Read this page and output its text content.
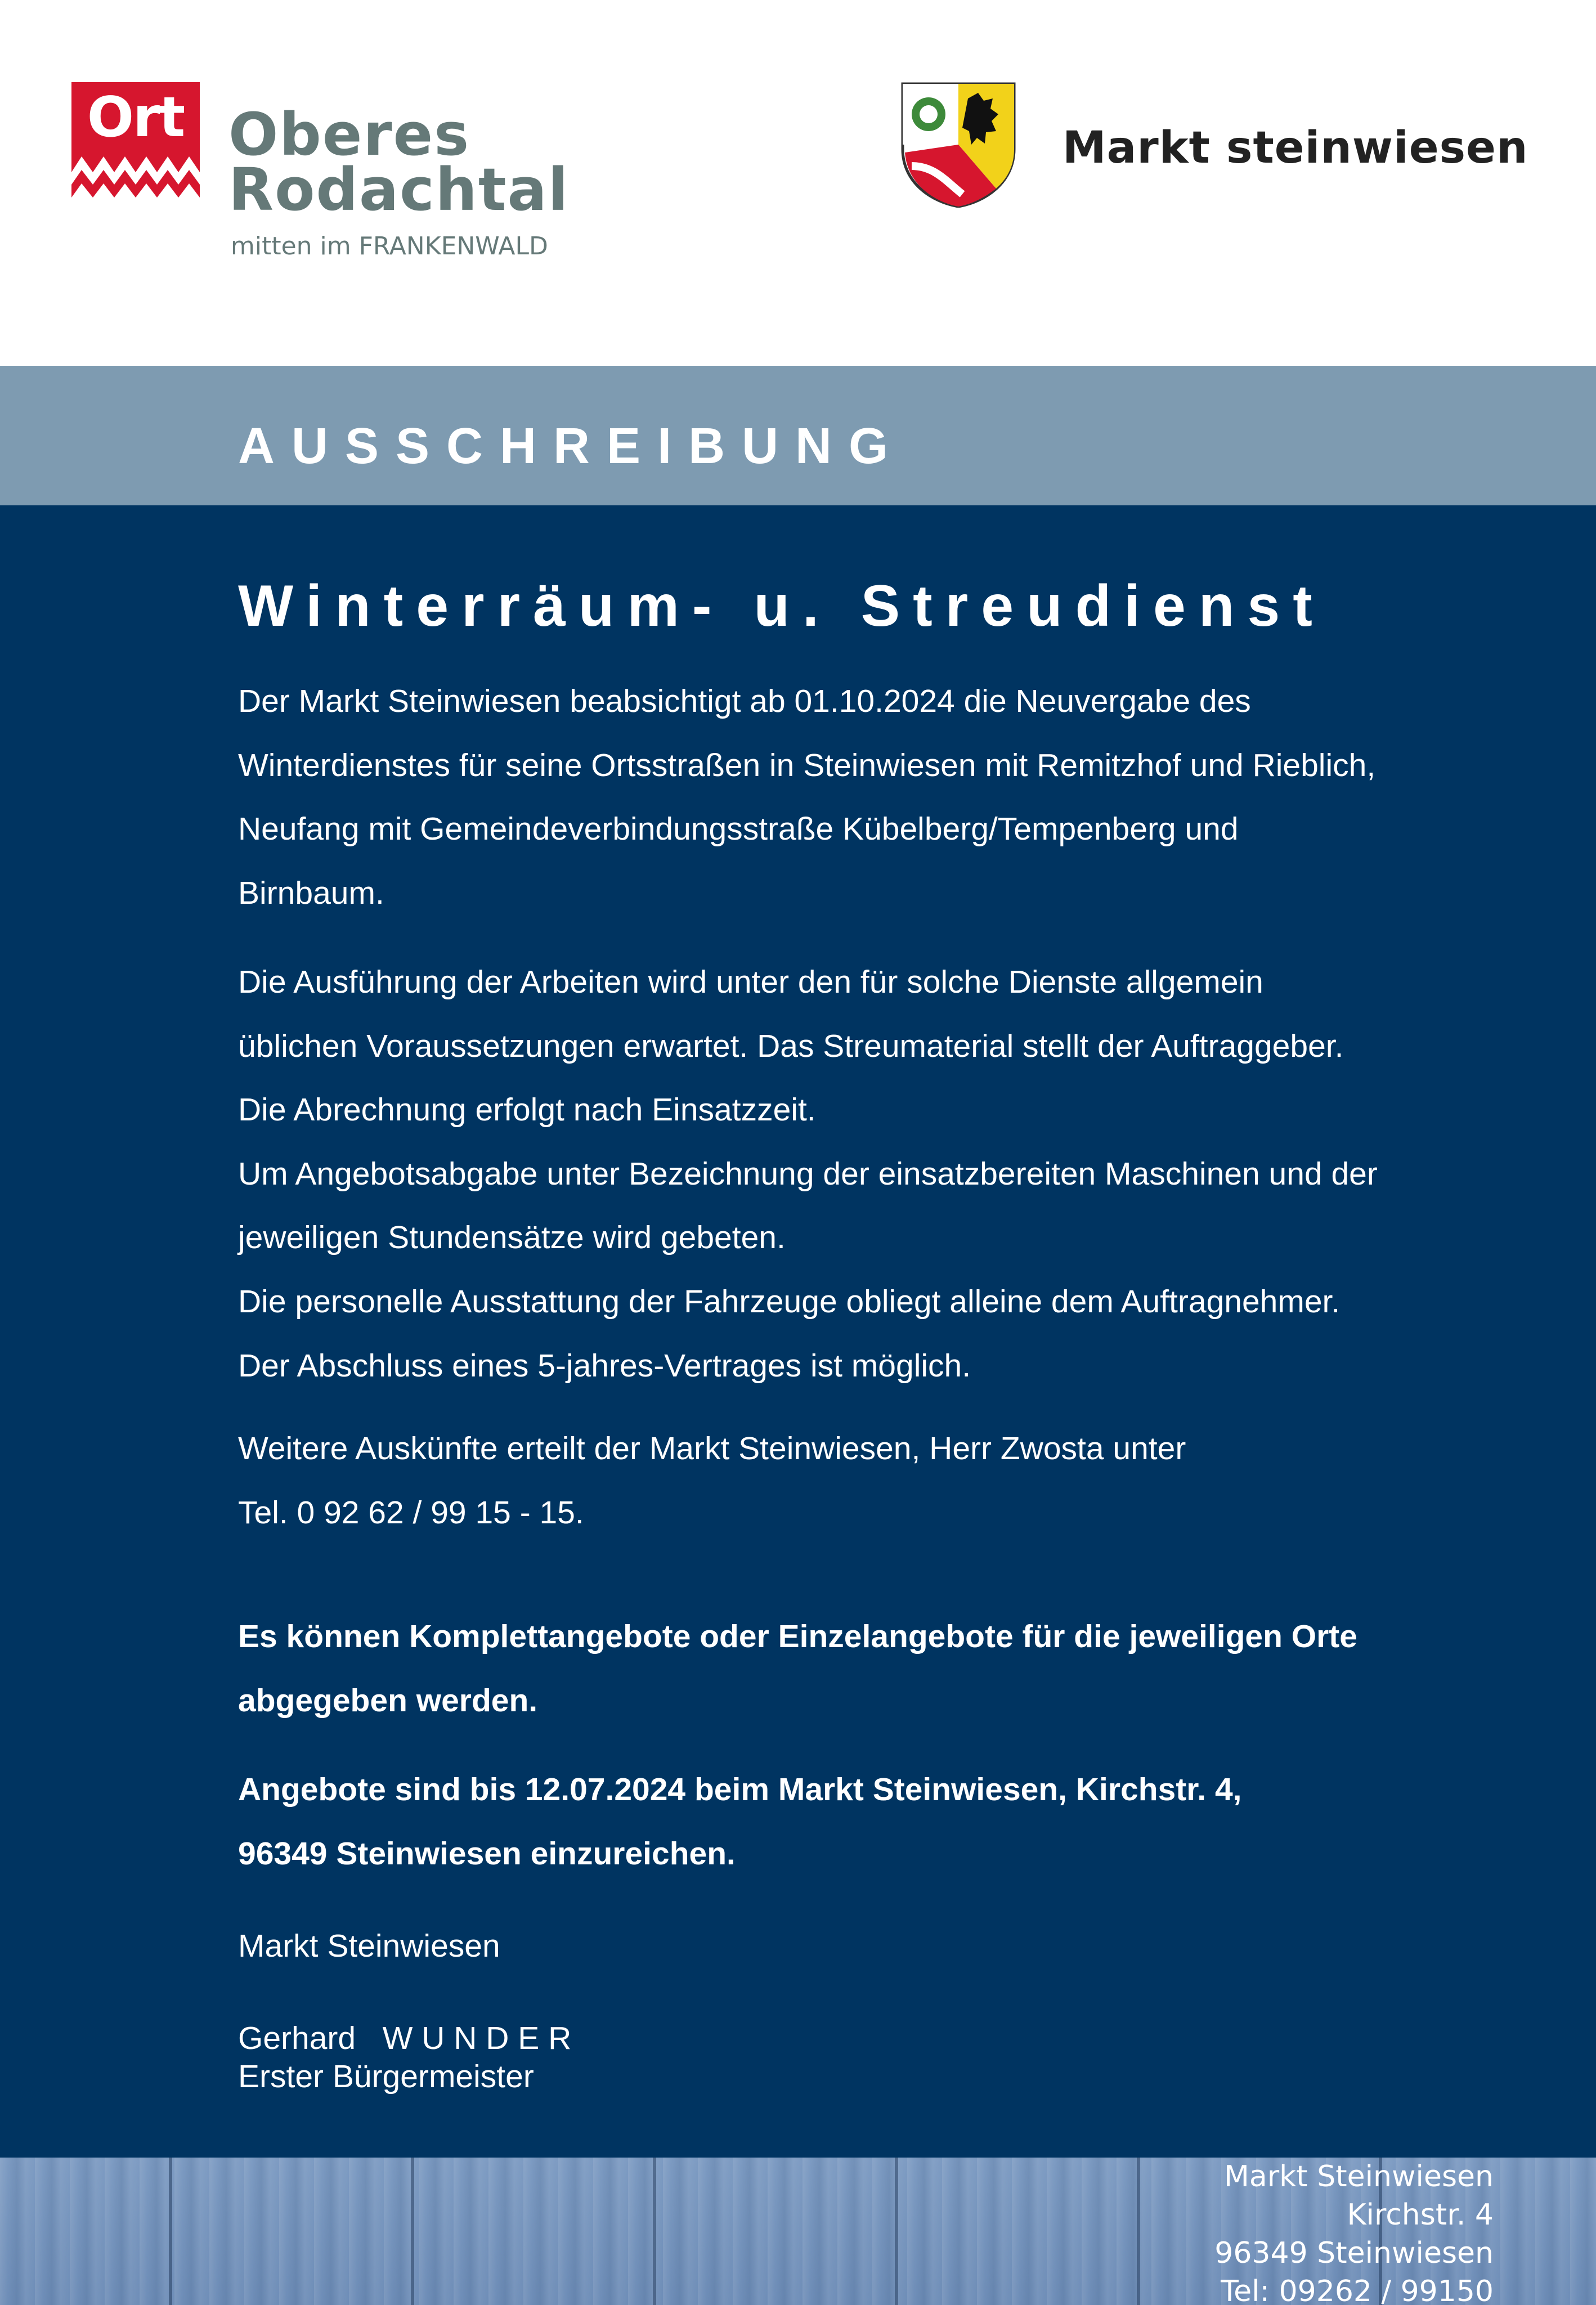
Ort Oberes
Rodachtal
mitten im FRANKENWALD
Markt steinwiesen
AUSSCHREIBUNG
Winterräum- u. Streudienst
Der Markt Steinwiesen beabsichtigt ab 01.10.2024 die Neuvergabe des
Winterdienstes für seine Ortsstraßen in Steinwiesen mit Remitzhof und Rieblich,
Neufang mit Gemeindeverbindungsstraße Kübelberg/Tempenberg und
Birnbaum.
Die Ausführung der Arbeiten wird unter den für solche Dienste allgemein
üblichen Voraussetzungen erwartet. Das Streumaterial stellt der Auftraggeber.
Die Abrechnung erfolgt nach Einsatzzeit.
Um Angebotsabgabe unter Bezeichnung der einsatzbereiten Maschinen und der
jeweiligen Stundensätze wird gebeten.
Die personelle Ausstattung der Fahrzeuge obliegt alleine dem Auftragnehmer.
Der Abschluss eines 5-jahres-Vertrages ist möglich.
Weitere Auskünfte erteilt der Markt Steinwiesen, Herr Zwosta unter
Tel. 0 92 62 / 99 15 - 15.
Es können Komplettangebote oder Einzelangebote für die jeweiligen Orte
abgegeben werden.
Angebote sind bis 12.07.2024 beim Markt Steinwiesen, Kirchstr. 4,
96349 Steinwiesen einzureichen.
Markt Steinwiesen
Gerhard   W U N D E R
Erster Bürgermeister
Markt Steinwiesen
Kirchstr. 4
96349 Steinwiesen
Tel: 09262 / 99150
